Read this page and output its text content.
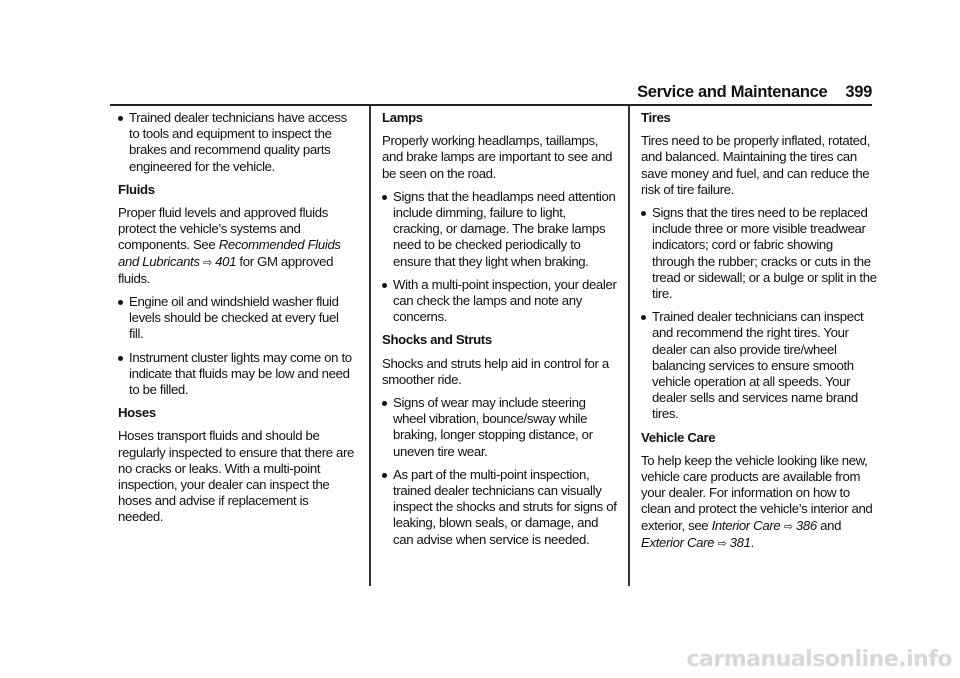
Service and Maintenance 399
Trained dealer technicians have access to tools and equipment to inspect the brakes and recommend quality parts engineered for the vehicle.
Fluids
Proper fluid levels and approved fluids protect the vehicle’s systems and components. See Recommended Fluids and Lubricants ⇨ 401 for GM approved fluids.
Engine oil and windshield washer fluid levels should be checked at every fuel fill.
Instrument cluster lights may come on to indicate that fluids may be low and need to be filled.
Hoses
Hoses transport fluids and should be regularly inspected to ensure that there are no cracks or leaks. With a multi-point inspection, your dealer can inspect the hoses and advise if replacement is needed.
Lamps
Properly working headlamps, taillamps, and brake lamps are important to see and be seen on the road.
Signs that the headlamps need attention include dimming, failure to light, cracking, or damage. The brake lamps need to be checked periodically to ensure that they light when braking.
With a multi-point inspection, your dealer can check the lamps and note any concerns.
Shocks and Struts
Shocks and struts help aid in control for a smoother ride.
Signs of wear may include steering wheel vibration, bounce/sway while braking, longer stopping distance, or uneven tire wear.
As part of the multi-point inspection, trained dealer technicians can visually inspect the shocks and struts for signs of leaking, blown seals, or damage, and can advise when service is needed.
Tires
Tires need to be properly inflated, rotated, and balanced. Maintaining the tires can save money and fuel, and can reduce the risk of tire failure.
Signs that the tires need to be replaced include three or more visible treadwear indicators; cord or fabric showing through the rubber; cracks or cuts in the tread or sidewall; or a bulge or split in the tire.
Trained dealer technicians can inspect and recommend the right tires. Your dealer can also provide tire/wheel balancing services to ensure smooth vehicle operation at all speeds. Your dealer sells and services name brand tires.
Vehicle Care
To help keep the vehicle looking like new, vehicle care products are available from your dealer. For information on how to clean and protect the vehicle’s interior and exterior, see Interior Care ⇨ 386 and
Exterior Care ⇨ 381.
carmanualsonline.info
